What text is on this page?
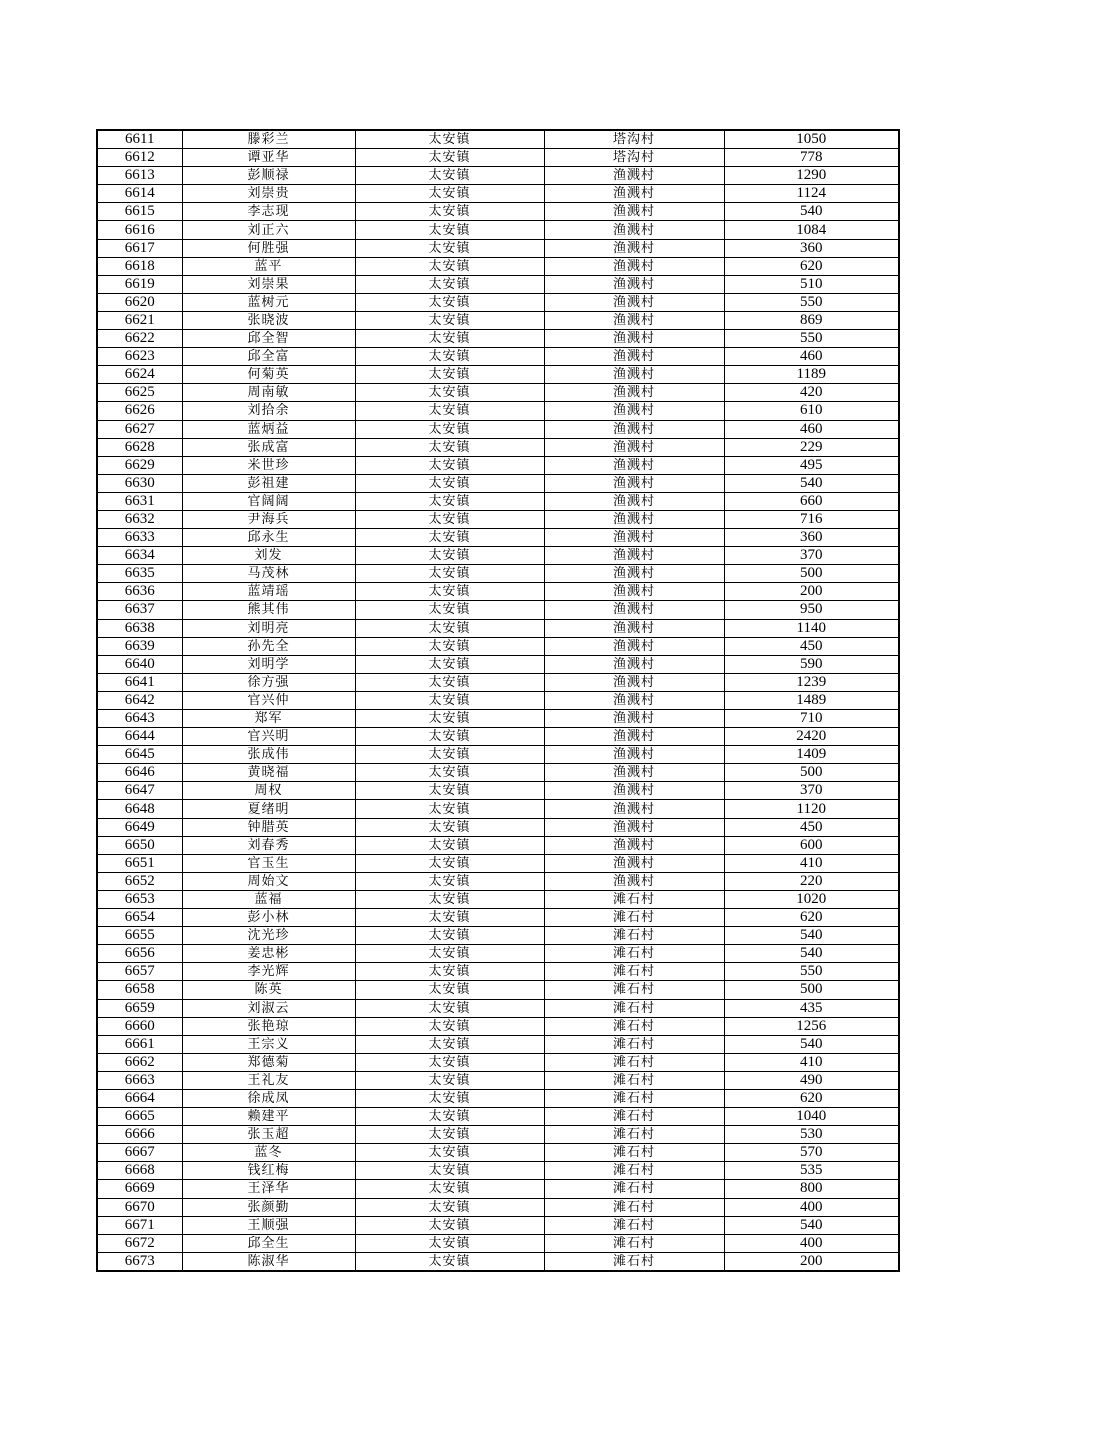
6611	滕彩兰	太安镇	塔沟村	1050
6612	谭亚华	太安镇	塔沟村	778
6613	彭顺禄	太安镇	渔溅村	1290
6614	刘崇贵	太安镇	渔溅村	1124
6615	李志现	太安镇	渔溅村	540
6616	刘正六	太安镇	渔溅村	1084
6617	何胜强	太安镇	渔溅村	360
6618	蓝平	太安镇	渔溅村	620
6619	刘崇果	太安镇	渔溅村	510
6620	蓝树元	太安镇	渔溅村	550
6621	张晓波	太安镇	渔溅村	869
6622	邱全智	太安镇	渔溅村	550
6623	邱全富	太安镇	渔溅村	460
6624	何菊英	太安镇	渔溅村	1189
6625	周南敏	太安镇	渔溅村	420
6626	刘拾余	太安镇	渔溅村	610
6627	蓝炳益	太安镇	渔溅村	460
6628	张成富	太安镇	渔溅村	229
6629	米世珍	太安镇	渔溅村	495
6630	彭祖建	太安镇	渔溅村	540
6631	官阔阔	太安镇	渔溅村	660
6632	尹海兵	太安镇	渔溅村	716
6633	邱永生	太安镇	渔溅村	360
6634	刘发	太安镇	渔溅村	370
6635	马茂林	太安镇	渔溅村	500
6636	蓝靖瑶	太安镇	渔溅村	200
6637	熊其伟	太安镇	渔溅村	950
6638	刘明亮	太安镇	渔溅村	1140
6639	孙先全	太安镇	渔溅村	450
6640	刘明学	太安镇	渔溅村	590
6641	徐方强	太安镇	渔溅村	1239
6642	官兴仲	太安镇	渔溅村	1489
6643	郑军	太安镇	渔溅村	710
6644	官兴明	太安镇	渔溅村	2420
6645	张成伟	太安镇	渔溅村	1409
6646	黄晓福	太安镇	渔溅村	500
6647	周权	太安镇	渔溅村	370
6648	夏绪明	太安镇	渔溅村	1120
6649	钟腊英	太安镇	渔溅村	450
6650	刘春秀	太安镇	渔溅村	600
6651	官玉生	太安镇	渔溅村	410
6652	周始文	太安镇	渔溅村	220
6653	蓝福	太安镇	滩石村	1020
6654	彭小林	太安镇	滩石村	620
6655	沈光珍	太安镇	滩石村	540
6656	姜忠彬	太安镇	滩石村	540
6657	李光辉	太安镇	滩石村	550
6658	陈英	太安镇	滩石村	500
6659	刘淑云	太安镇	滩石村	435
6660	张艳琼	太安镇	滩石村	1256
6661	王宗义	太安镇	滩石村	540
6662	郑德菊	太安镇	滩石村	410
6663	王礼友	太安镇	滩石村	490
6664	徐成凤	太安镇	滩石村	620
6665	赖建平	太安镇	滩石村	1040
6666	张玉超	太安镇	滩石村	530
6667	蓝冬	太安镇	滩石村	570
6668	钱红梅	太安镇	滩石村	535
6669	王泽华	太安镇	滩石村	800
6670	张颜勤	太安镇	滩石村	400
6671	王顺强	太安镇	滩石村	540
6672	邱全生	太安镇	滩石村	400
6673	陈淑华	太安镇	滩石村	200
